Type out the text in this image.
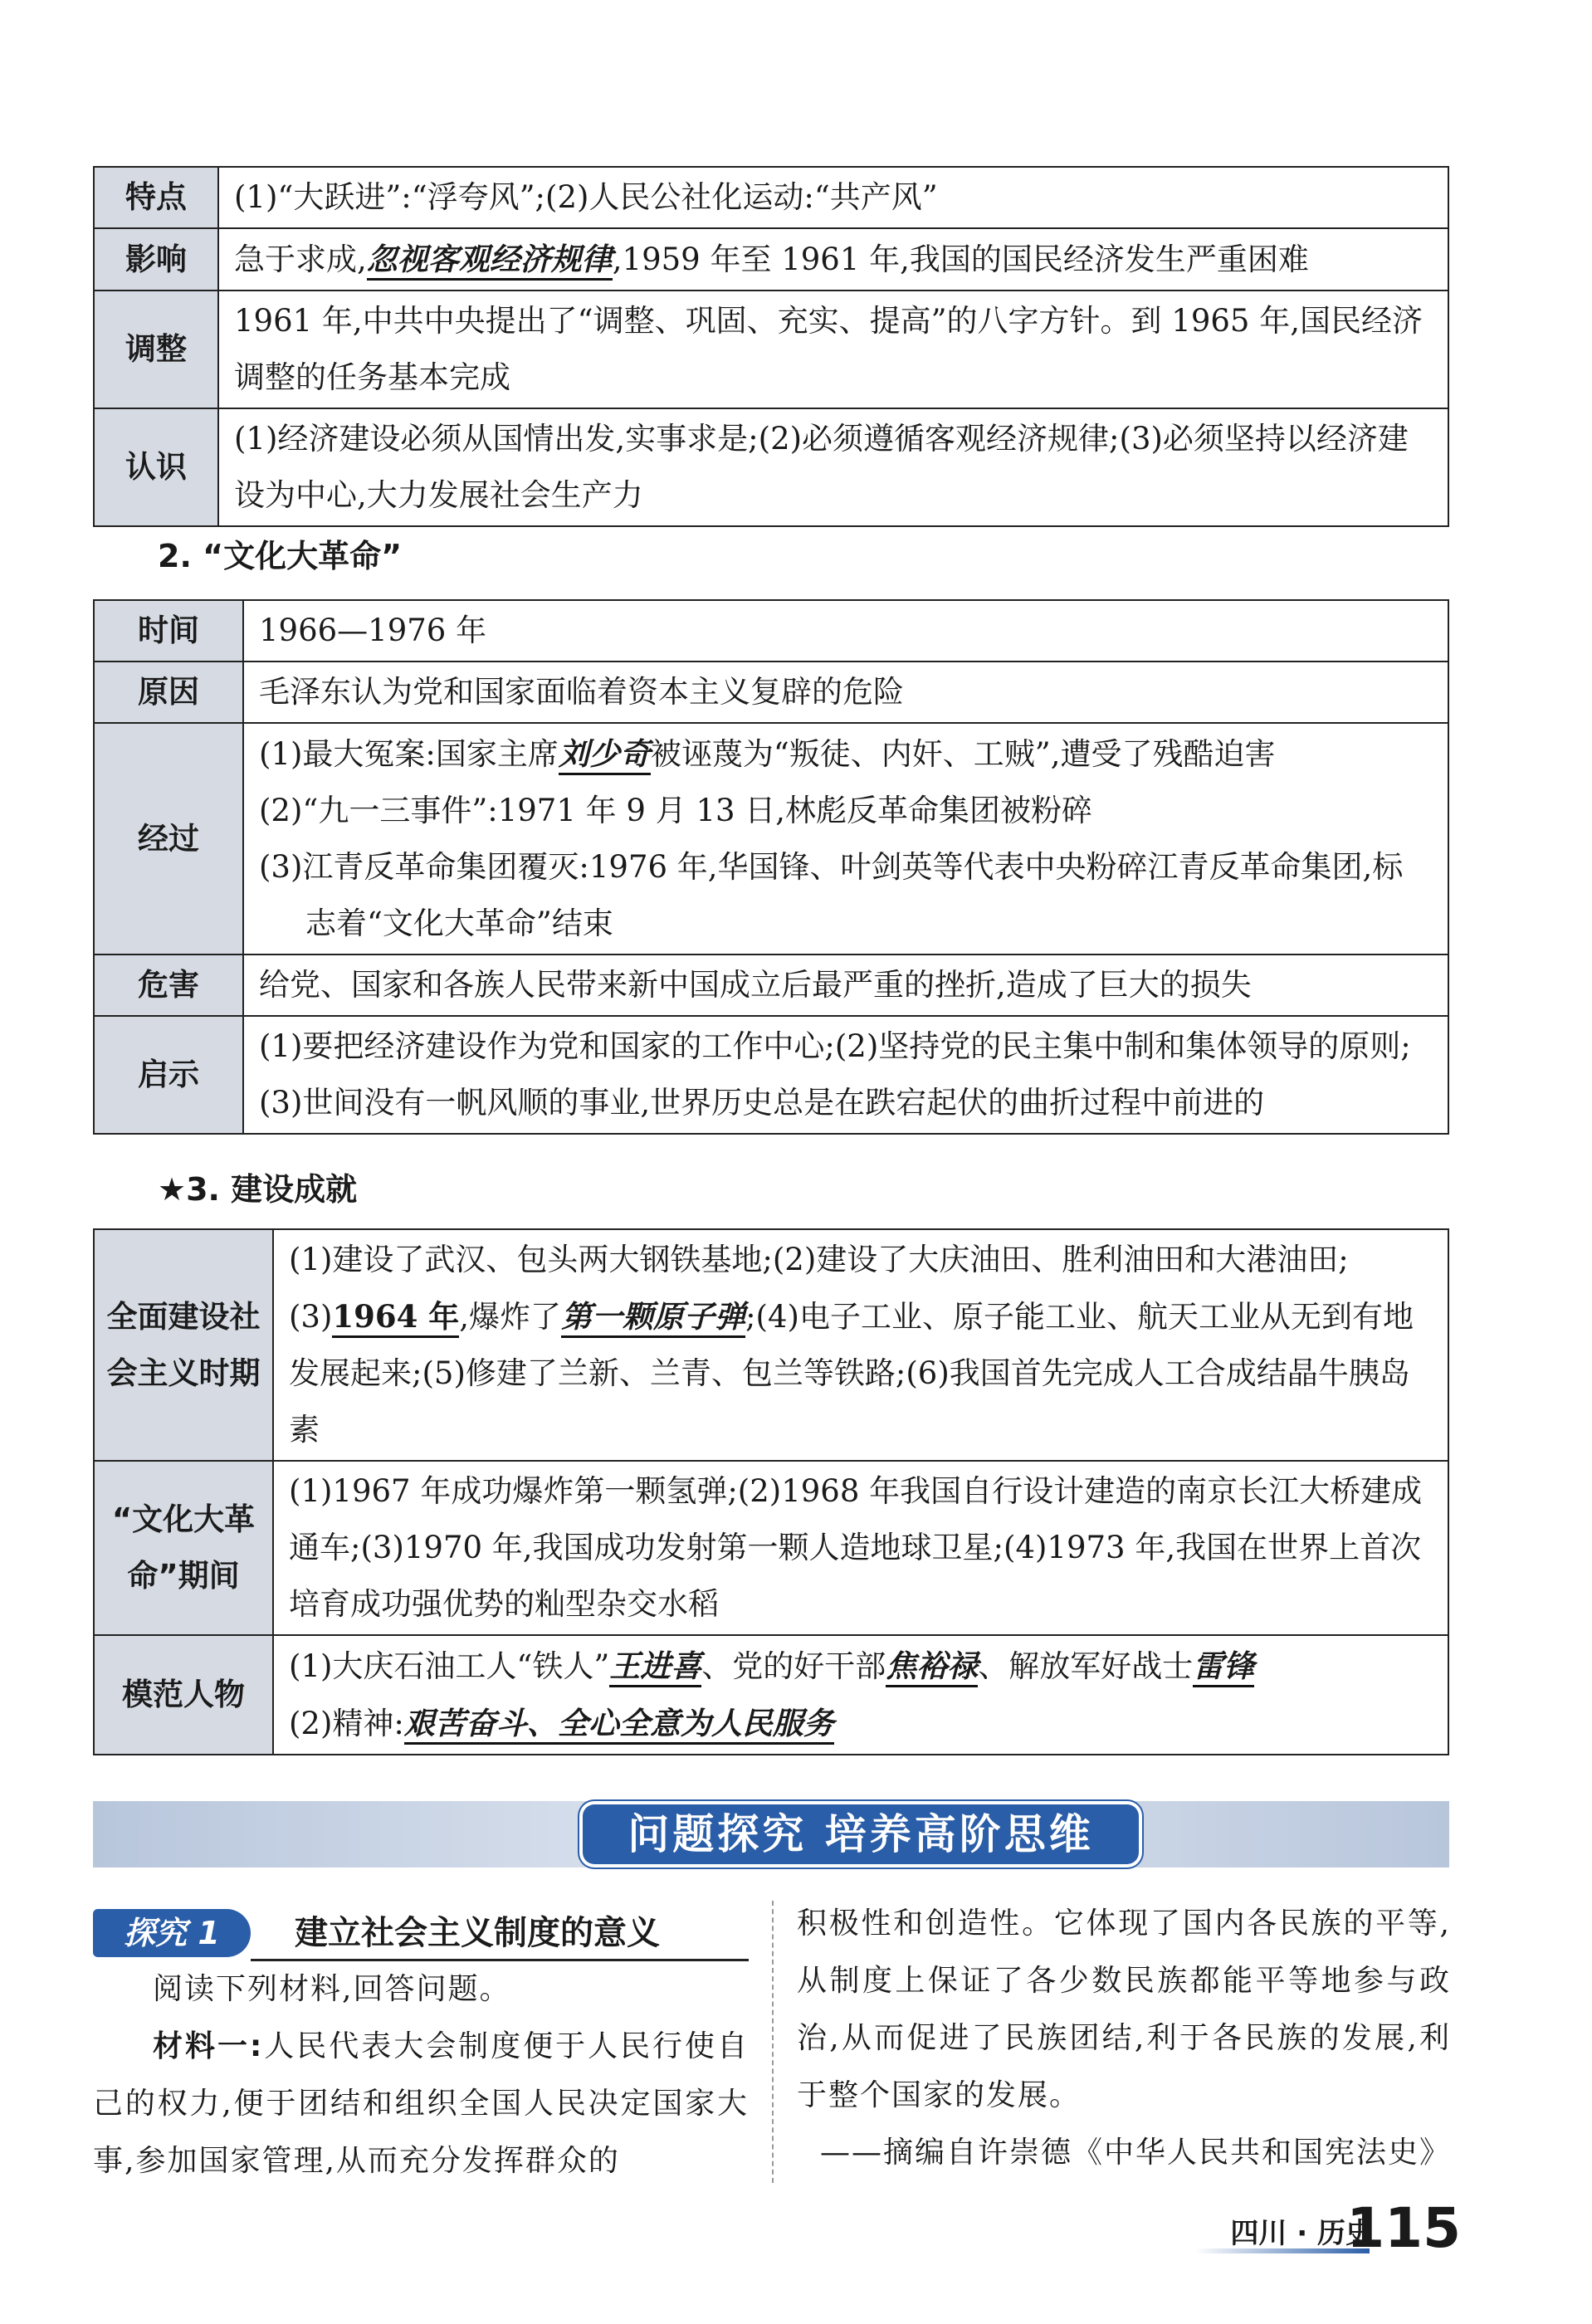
特点	(1)“大跃进”:“浮夸风”;(2)人民公社化运动:“共产风”
影响	急于求成,忽视客观经济规律,1959 年至 1961 年,我国的国民经济发生严重困难
调整	1961 年,中共中央提出了“调整、巩固、充实、提高”的八字方针。到 1965 年,国民经济调整的任务基本完成
认识	(1)经济建设必须从国情出发,实事求是;(2)必须遵循客观经济规律;(3)必须坚持以经济建设为中心,大力发展社会生产力
2. “文化大革命”
时间	1966—1976 年
原因	毛泽东认为党和国家面临着资本主义复辟的危险
经过	(1)最大冤案:国家主席刘少奇被诬蔑为“叛徒、内奸、工贼”,遭受了残酷迫害
(2)“九一三事件”:1971 年 9 月 13 日,林彪反革命集团被粉碎
(3)江青反革命集团覆灭:1976 年,华国锋、叶剑英等代表中央粉碎江青反革命集团,标志着“文化大革命”结束

危害	给党、国家和各族人民带来新中国成立后最严重的挫折,造成了巨大的损失
启示	(1)要把经济建设作为党和国家的工作中心;(2)坚持党的民主集中制和集体领导的原则;(3)世间没有一帆风顺的事业,世界历史总是在跌宕起伏的曲折过程中前进的
★3. 建设成就
全面建设社会主义时期	(1)建设了武汉、包头两大钢铁基地;(2)建设了大庆油田、胜利油田和大港油田;(3)1964 年,爆炸了第一颗原子弹;(4)电子工业、原子能工业、航天工业从无到有地发展起来;(5)修建了兰新、兰青、包兰等铁路;(6)我国首先完成人工合成结晶牛胰岛素
“文化大革命”期间	(1)1967 年成功爆炸第一颗氢弹;(2)1968 年我国自行设计建造的南京长江大桥建成通车;(3)1970 年,我国成功发射第一颗人造地球卫星;(4)1973 年,我国在世界上首次培育成功强优势的籼型杂交水稻
模范人物	(1)大庆石油工人“铁人”王进喜、党的好干部焦裕禄、解放军好战士雷锋
(2)精神:艰苦奋斗、全心全意为人民服务
问题探究 培养高阶思维
探究 1	建立社会主义制度的意义

阅读下列材料,回答问题。

材料一:人民代表大会制度便于人民行使自己的权力,便于团结和组织全国人民决定国家大事,参加国家管理,从而充分发挥群众的

积极性和创造性。它体现了国内各民族的平等,从制度上保证了各少数民族都能平等地参与政治,从而促进了民族团结,利于各民族的发展,利于整个国家的发展。

——摘编自许崇德《中华人民共和国宪法史》

四川 · 历史
115
